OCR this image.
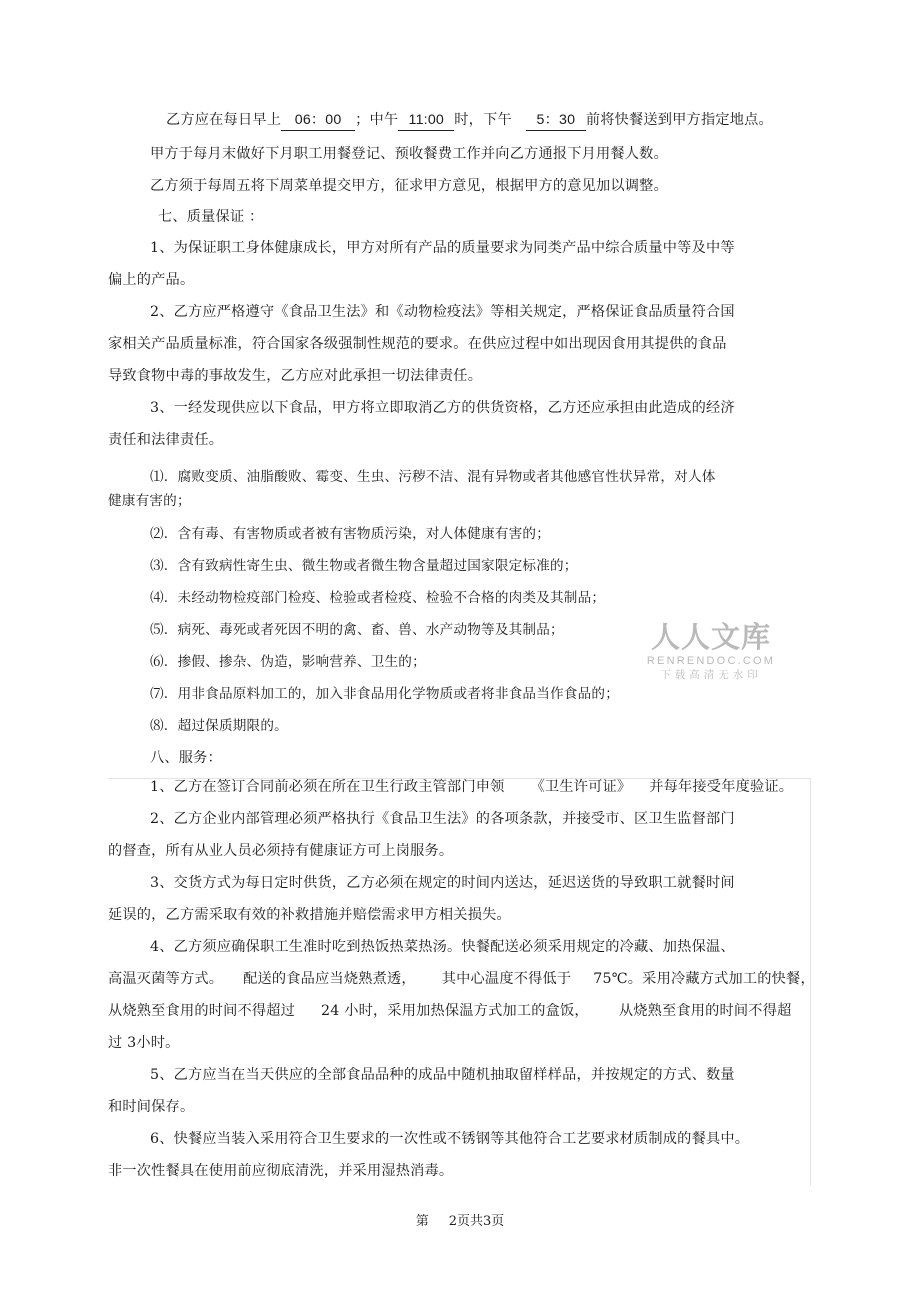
乙方应在每日早上 06：00 ；中午 11:00 时，下午 5：30 前将快餐送到甲方指定地点。
甲方于每月末做好下月职工用餐登记、预收餐费工作并向乙方通报下月用餐人数。
乙方须于每周五将下周菜单提交甲方，征求甲方意见，根据甲方的意见加以调整。
七、质量保证 ：
1、为保证职工身体健康成长，甲方对所有产品的质量要求为同类产品中综合质量中等及中等
偏上的产品。
2、乙方应严格遵守《食品卫生法》和《动物检疫法》等相关规定，严格保证食品质量符合国
家相关产品质量标准，符合国家各级强制性规范的要求。在供应过程中如出现因食用其提供的食品
导致食物中毒的事故发生，乙方应对此承担一切法律责任。
3、一经发现供应以下食品，甲方将立即取消乙方的供货资格，乙方还应承担由此造成的经济
责任和法律责任。
⑴．腐败变质、油脂酸败、霉变、生虫、污秽不洁、混有异物或者其他感官性状异常，对人体
健康有害的；
⑵．含有毒、有害物质或者被有害物质污染，对人体健康有害的；
⑶．含有致病性寄生虫、微生物或者微生物含量超过国家限定标准的；
⑷．未经动物检疫部门检疫、检验或者检疫、检验不合格的肉类及其制品；
⑸．病死、毒死或者死因不明的禽、畜、兽、水产动物等及其制品；
⑹．掺假、掺杂、伪造，影响营养、卫生的；
⑺．用非食品原料加工的，加入非食品用化学物质或者将非食品当作食品的；
⑻．超过保质期限的。
八、服务：
1、乙方在签订合同前必须在所在卫生行政主管部门申领 《卫生许可证》 并每年接受年度验证。
2、乙方企业内部管理必须严格执行《食品卫生法》的各项条款，并接受市、区卫生监督部门
的督查，所有从业人员必须持有健康证方可上岗服务。
3、交货方式为每日定时供货，乙方必须在规定的时间内送达，延迟送货的导致职工就餐时间
延误的，乙方需采取有效的补救措施并赔偿需求甲方相关损失。
4、乙方须应确保职工生准时吃到热饭热菜热汤。快餐配送必须采用规定的冷藏、加热保温、
高温灭菌等方式。 配送的食品应当烧熟煮透， 其中心温度不得低于 75℃。采用冷藏方式加工的快餐，
从烧熟至食用的时间不得超过 24 小时，采用加热保温方式加工的盒饭， 从烧熟至食用的时间不得超
过 3小时。
5、乙方应当在当天供应的全部食品品种的成品中随机抽取留样样品，并按规定的方式、数量
和时间保存。
6、快餐应当装入采用符合卫生要求的一次性或不锈钢等其他符合工艺要求材质制成的餐具中。
非一次性餐具在使用前应彻底清洗，并采用湿热消毒。
人人文库
RENRENDOC.COM
下载高清无水印
第 2页共3页
